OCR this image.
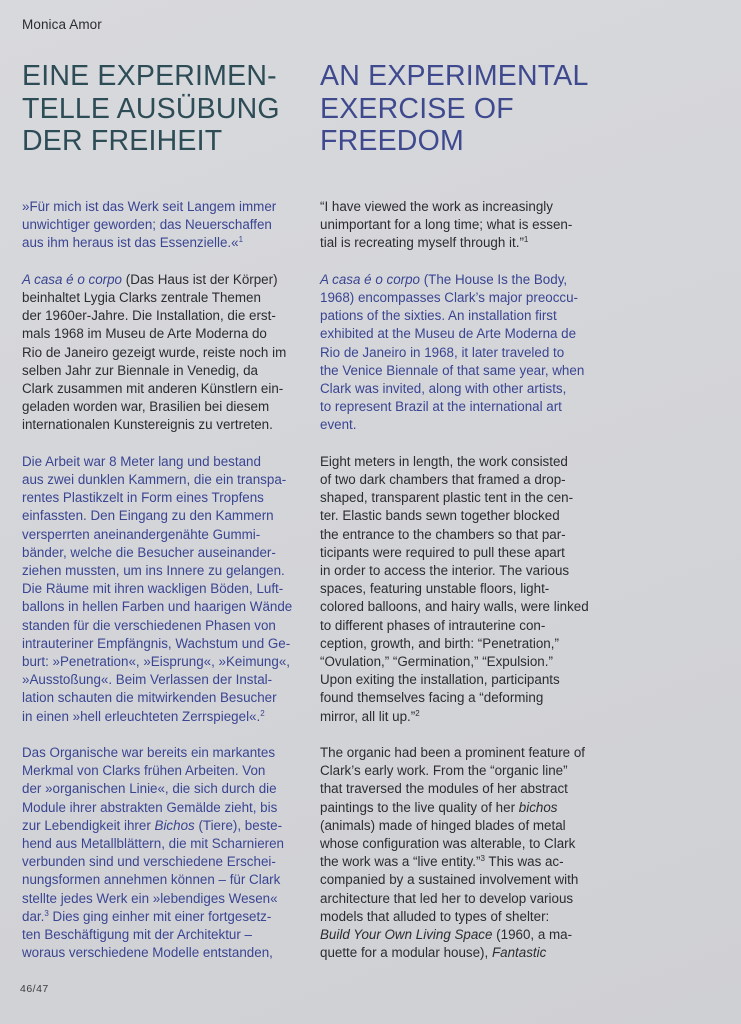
Monica Amor
EINE EXPERIMEN-
TELLE AUSÜBUNG
DER FREIHEIT
AN EXPERIMENTAL
EXERCISE OF
FREEDOM
»Für mich ist das Werk seit Langem immer
unwichtiger geworden; das Neuerschaffen
aus ihm heraus ist das Essenzielle.«$^1$
A casa é o corpo (Das Haus ist der Körper)
beinhaltet Lygia Clarks zentrale Themen
der 1960er-Jahre. Die Installation, die erst-
mals 1968 im Museu de Arte Moderna do
Rio de Janeiro gezeigt wurde, reiste noch im
selben Jahr zur Biennale in Venedig, da
Clark zusammen mit anderen Künstlern ein-
geladen worden war, Brasilien bei diesem
internationalen Kunstereignis zu vertreten.
Die Arbeit war 8 Meter lang und bestand
aus zwei dunklen Kammern, die ein transpa-
rentes Plastikzelt in Form eines Tropfens
einfassten. Den Eingang zu den Kammern
versperrten aneinandergenähte Gummi-
bänder, welche die Besucher auseinander-
ziehen mussten, um ins Innere zu gelangen.
Die Räume mit ihren wackligen Böden, Luft-
ballons in hellen Farben und haarigen Wände
standen für die verschiedenen Phasen von
intrauteriner Empfängnis, Wachstum und Ge-
burt: »Penetration«, »Eisprung«, »Keimung«,
»Ausstoßung«. Beim Verlassen der Instal-
lation schauten die mitwirkenden Besucher
in einen »hell erleuchteten Zerrspiegel«.$^2$
Das Organische war bereits ein markantes
Merkmal von Clarks frühen Arbeiten. Von
der »organischen Linie«, die sich durch die
Module ihrer abstrakten Gemälde zieht, bis
zur Lebendigkeit ihrer Bichos (Tiere), beste-
hend aus Metallblättern, die mit Scharnieren
verbunden sind und verschiedene Erschei-
nungsformen annehmen können – für Clark
stellte jedes Werk ein »lebendiges Wesen«
dar.$^3$ Dies ging einher mit einer fortgesetz-
ten Beschäftigung mit der Architektur –
woraus verschiedene Modelle entstanden,
“I have viewed the work as increasingly
unimportant for a long time; what is essen-
tial is recreating myself through it.”$^1$
A casa é o corpo (The House Is the Body,
1968) encompasses Clark’s major preoccu-
pations of the sixties. An installation first
exhibited at the Museu de Arte Moderna de
Rio de Janeiro in 1968, it later traveled to
the Venice Biennale of that same year, when
Clark was invited, along with other artists,
to represent Brazil at the international art
event.
Eight meters in length, the work consisted
of two dark chambers that framed a drop-
shaped, transparent plastic tent in the cen-
ter. Elastic bands sewn together blocked
the entrance to the chambers so that par-
ticipants were required to pull these apart
in order to access the interior. The various
spaces, featuring unstable floors, light-
colored balloons, and hairy walls, were linked
to different phases of intrauterine con-
ception, growth, and birth: “Penetration,”
“Ovulation,” “Germination,” “Expulsion.”
Upon exiting the installation, participants
found themselves facing a “deforming
mirror, all lit up.”$^2$
The organic had been a prominent feature of
Clark’s early work. From the “organic line”
that traversed the modules of her abstract
paintings to the live quality of her bichos
(animals) made of hinged blades of metal
whose configuration was alterable, to Clark
the work was a “live entity.”$^3$ This was ac-
companied by a sustained involvement with
architecture that led her to develop various
models that alluded to types of shelter:
Build Your Own Living Space (1960, a ma-
quette for a modular house), Fantastic
46/47
